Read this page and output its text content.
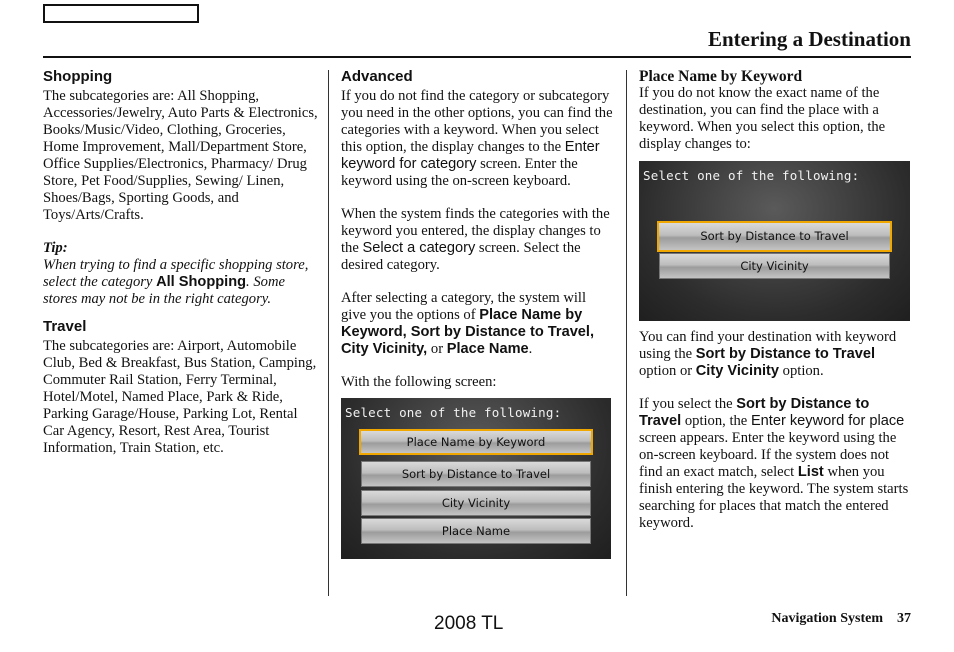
Entering a Destination
Shopping

The subcategories are: All Shopping, Accessories/Jewelry, Auto Parts & Electronics, Books/Music/Video, Clothing, Groceries, Home Improvement, Mall/Department Store, Office Supplies/Electronics, Pharmacy/ Drug Store, Pet Food/Supplies, Sewing/ Linen, Shoes/Bags, Sporting Goods, and Toys/Arts/Crafts.

Tip:

When trying to find a specific shopping store, select the category All Shopping. Some stores may not be in the right category.

Travel

The subcategories are: Airport, Automobile Club, Bed & Breakfast, Bus Station, Camping, Commuter Rail Station, Ferry Terminal, Hotel/Motel, Named Place, Park & Ride, Parking Garage/House, Parking Lot, Rental Car Agency, Resort, Rest Area, Tourist Information, Train Station, etc.

Advanced

If you do not find the category or subcategory you need in the other options, you can find the categories with a keyword. When you select this option, the display changes to the Enter keyword for category screen. Enter the keyword using the on-screen keyboard.

When the system finds the categories with the keyword you entered, the display changes to the Select a category screen. Select the desired category.

After selecting a category, the system will give you the options of Place Name by Keyword, Sort by Distance to Travel, City Vicinity, or Place Name.

With the following screen:

Select one of the following:
Place Name by Keyword
Sort by Distance to Travel
City Vicinity
Place Name
Place Name by Keyword

If you do not know the exact name of the destination, you can find the place with a keyword. When you select this option, the display changes to:

Select one of the following:
Sort by Distance to Travel
City Vicinity

You can find your destination with keyword using the Sort by Distance to Travel option or City Vicinity option.

If you select the Sort by Distance to Travel option, the Enter keyword for place screen appears. Enter the keyword using the on-screen keyboard. If the system does not find an exact match, select List when you finish entering the keyword. The system starts searching for places that match the entered keyword.

2008 TL	Navigation System 37
